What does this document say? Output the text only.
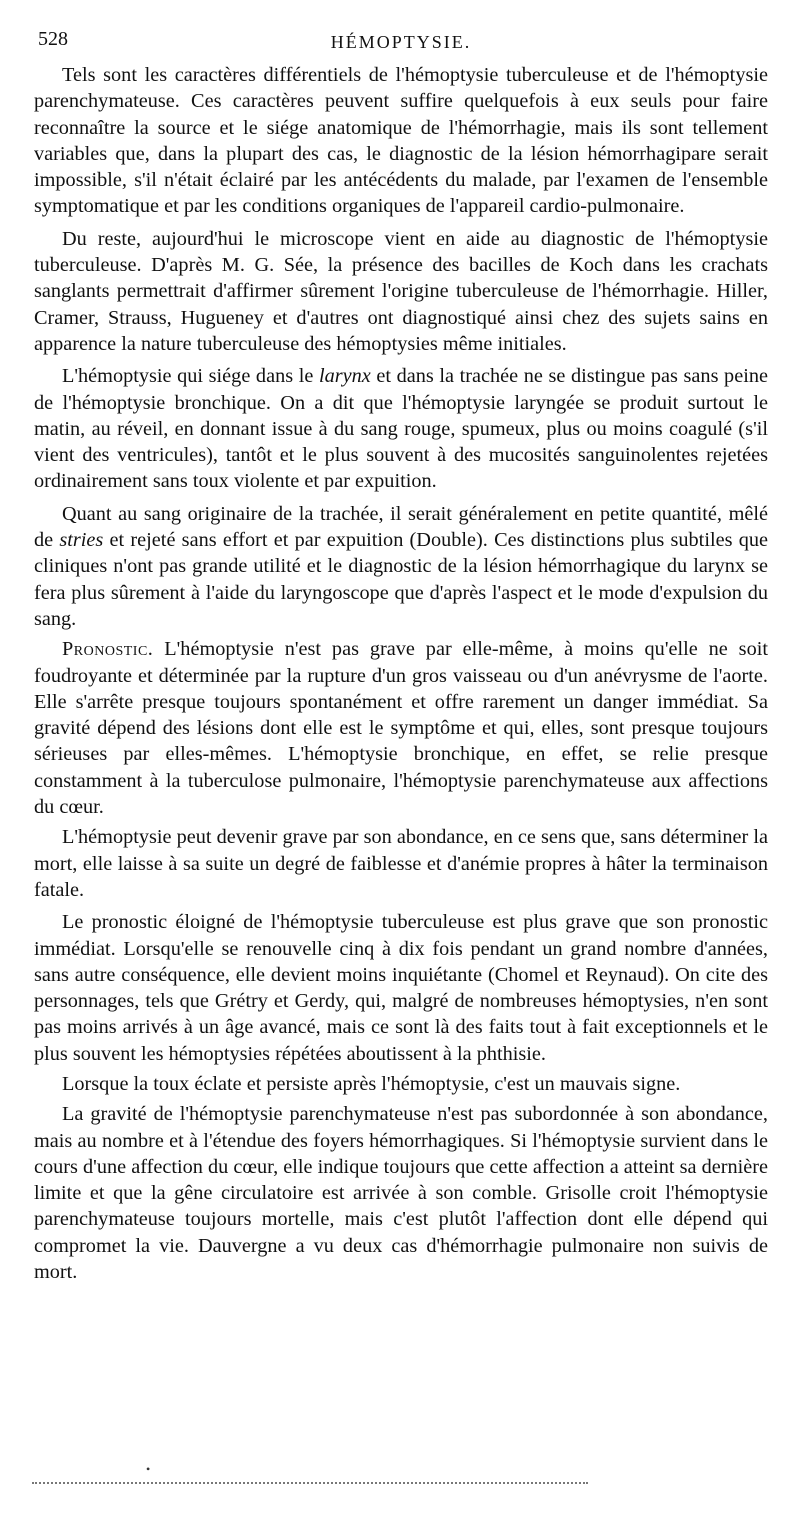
528	HÉMOPTYSIE.

Tels sont les caractères différentiels de l'hémoptysie tuberculeuse et de l'hémoptysie parenchymateuse. Ces caractères peuvent suffire quelquefois à eux seuls pour faire reconnaître la source et le siége anatomique de l'hémorrhagie, mais ils sont tellement variables que, dans la plupart des cas, le diagnostic de la lésion hémorrhagipare serait impossible, s'il n'était éclairé par les antécédents du malade, par l'examen de l'ensemble symptomatique et par les conditions organiques de l'appareil cardio-pulmonaire.

Du reste, aujourd'hui le microscope vient en aide au diagnostic de l'hémoptysie tuberculeuse. D'après M. G. Sée, la présence des bacilles de Koch dans les crachats sanglants permettrait d'affirmer sûrement l'origine tuberculeuse de l'hémorrhagie. Hiller, Cramer, Strauss, Huguenеy et d'autres ont diagnostiqué ainsi chez des sujets sains en apparence la nature tuberculeuse des hémoptysies même initiales.

L'hémoptysie qui siége dans le larynx et dans la trachée ne se distingue pas sans peine de l'hémoptysie bronchique. On a dit que l'hémoptysie laryngée se produit surtout le matin, au réveil, en donnant issue à du sang rouge, spumeux, plus ou moins coagulé (s'il vient des ventricules), tantôt et le plus souvent à des mucosités sanguinolentes rejetées ordinairement sans toux violente et par expuition.

Quant au sang originaire de la trachée, il serait généralement en petite quantité, mêlé de stries et rejeté sans effort et par expuition (Double). Ces distinctions plus subtiles que cliniques n'ont pas grande utilité et le diagnostic de la lésion hémorrhagique du larynx se fera plus sûrement à l'aide du laryngoscope que d'après l'aspect et le mode d'expulsion du sang.

Pronostic. L'hémoptysie n'est pas grave par elle-même, à moins qu'elle ne soit foudroyante et déterminée par la rupture d'un gros vaisseau ou d'un anévrysme de l'aorte. Elle s'arrête presque toujours spontanément et offre rarement un danger immédiat. Sa gravité dépend des lésions dont elle est le symptôme et qui, elles, sont presque toujours sérieuses par elles-mêmes. L'hémoptysie bronchique, en effet, se relie presque constamment à la tuberculose pulmonaire, l'hémoptysie parenchymateuse aux affections du cœur.

L'hémoptysie peut devenir grave par son abondance, en ce sens que, sans déterminer la mort, elle laisse à sa suite un degré de faiblesse et d'anémie propres à hâter la terminaison fatale.

Le pronostic éloigné de l'hémoptysie tuberculeuse est plus grave que son pronostic immédiat. Lorsqu'elle se renouvelle cinq à dix fois pendant un grand nombre d'années, sans autre conséquence, elle devient moins inquiétante (Chomel et Reynaud). On cite des personnages, tels que Grétry et Gerdy, qui, malgré de nombreuses hémoptysies, n'en sont pas moins arrivés à un âge avancé, mais ce sont là des faits tout à fait exceptionnels et le plus souvent les hémoptysies répétées aboutissent à la phthisie.

Lorsque la toux éclate et persiste après l'hémoptysie, c'est un mauvais signe.

La gravité de l'hémoptysie parenchymateuse n'est pas subordonnée à son abondance, mais au nombre et à l'étendue des foyers hémorrhagiques. Si l'hémoptysie survient dans le cours d'une affection du cœur, elle indique toujours que cette affection a atteint sa dernière limite et que la gêne circulatoire est arrivée à son comble. Grisolle croit l'hémoptysie parenchymateuse toujours mortelle, mais c'est plutôt l'affection dont elle dépend qui compromet la vie. Dauvergne a vu deux cas d'hémorrhagie pulmonaire non suivis de mort.

•
